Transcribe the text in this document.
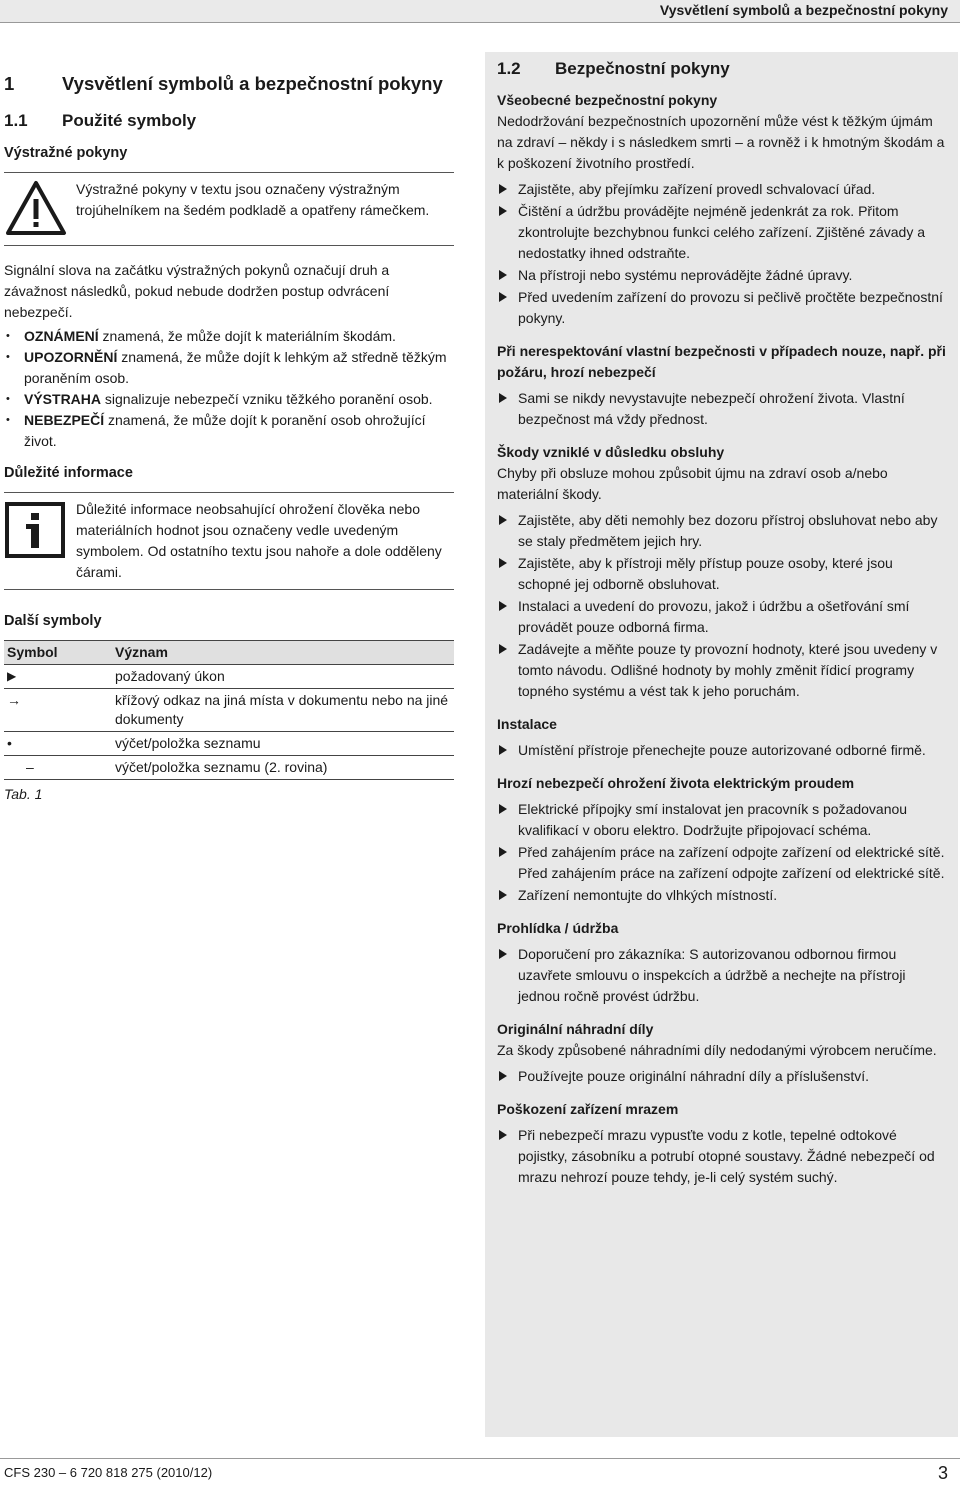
Vysvětlení symbolů a bezpečnostní pokyny
1	Vysvětlení symbolů a bezpečnostní pokyny
1.1	Použité symboly
Výstražné pokyny
Výstražné pokyny v textu jsou označeny výstražným trojúhelníkem na šedém podkladě a opatřeny rámečkem.
Signální slova na začátku výstražných pokynů označují druh a závažnost následků, pokud nebude dodržen postup odvrácení nebezpečí.
• OZNÁMENÍ znamená, že může dojít k materiálním škodám.
• UPOZORNĚNÍ znamená, že může dojít k lehkým až středně těžkým poraněním osob.
• VÝSTRAHA signalizuje nebezpečí vzniku těžkého poranění osob.
• NEBEZPEČÍ znamená, že může dojít k poranění osob ohrožující život.
Důležité informace
Důležité informace neobsahující ohrožení člověka nebo materiálních hodnot jsou označeny vedle uvedeným symbolem. Od ostatního textu jsou nahoře a dole odděleny čárami.
Další symboly
Symbol	Význam
▶	požadovaný úkon
→	křížový odkaz na jiná místa v dokumentu nebo na jiné dokumenty
•	výčet/položka seznamu
–	výčet/položka seznamu (2. rovina)
Tab. 1
1.2	Bezpečnostní pokyny
Všeobecné bezpečnostní pokyny
Nedodržování bezpečnostních upozornění může vést k těžkým újmám na zdraví – někdy i s následkem smrti – a rovněž i k hmotným škodám a k poškození životního prostředí.
Zajistěte, aby přejímku zařízení provedl schvalovací úřad.
Čištění a údržbu provádějte nejméně jedenkrát za rok. Přitom zkontrolujte bezchybnou funkci celého zařízení. Zjištěné závady a nedostatky ihned odstraňte.
Na přístroji nebo systému neprovádějte žádné úpravy.
Před uvedením zařízení do provozu si pečlivě pročtěte bezpečnostní pokyny.
Při nerespektování vlastní bezpečnosti v případech nouze, např. při požáru, hrozí nebezpečí
Sami se nikdy nevystavujte nebezpečí ohrožení života. Vlastní bezpečnost má vždy přednost.
Škody vzniklé v důsledku obsluhy
Chyby při obsluze mohou způsobit újmu na zdraví osob a/nebo materiální škody.
Zajistěte, aby děti nemohly bez dozoru přístroj obsluhovat nebo aby se staly předmětem jejich hry.
Zajistěte, aby k přístroji měly přístup pouze osoby, které jsou schopné jej odborně obsluhovat.
Instalaci a uvedení do provozu, jakož i údržbu a ošetřování smí provádět pouze odborná firma.
Zadávejte a měňte pouze ty provozní hodnoty, které jsou uvedeny v tomto návodu. Odlišné hodnoty by mohly změnit řídicí programy topného systému a vést tak k jeho poruchám.
Instalace
Umístění přístroje přenechejte pouze autorizované odborné firmě.
Hrozí nebezpečí ohrožení života elektrickým proudem
Elektrické přípojky smí instalovat jen pracovník s požadovanou kvalifikací v oboru elektro. Dodržujte připojovací schéma.
Před zahájením práce na zařízení odpojte zařízení od elektrické sítě. Před zahájením práce na zařízení odpojte zařízení od elektrické sítě.
Zařízení nemontujte do vlhkých místností.
Prohlídka / údržba
Doporučení pro zákazníka: S autorizovanou odbornou firmou uzavřete smlouvu o inspekcích a údržbě a nechejte na přístroji jednou ročně provést údržbu.
Originální náhradní díly
Za škody způsobené náhradními díly nedodanými výrobcem neručíme.
Používejte pouze originální náhradní díly a příslušenství.
Poškození zařízení mrazem
Při nebezpečí mrazu vypusťte vodu z kotle, tepelné odtokové pojistky, zásobníku a potrubí otopné soustavy. Žádné nebezpečí od mrazu nehrozí pouze tehdy, je-li celý systém suchý.
CFS 230 – 6 720 818 275 (2010/12)	3
